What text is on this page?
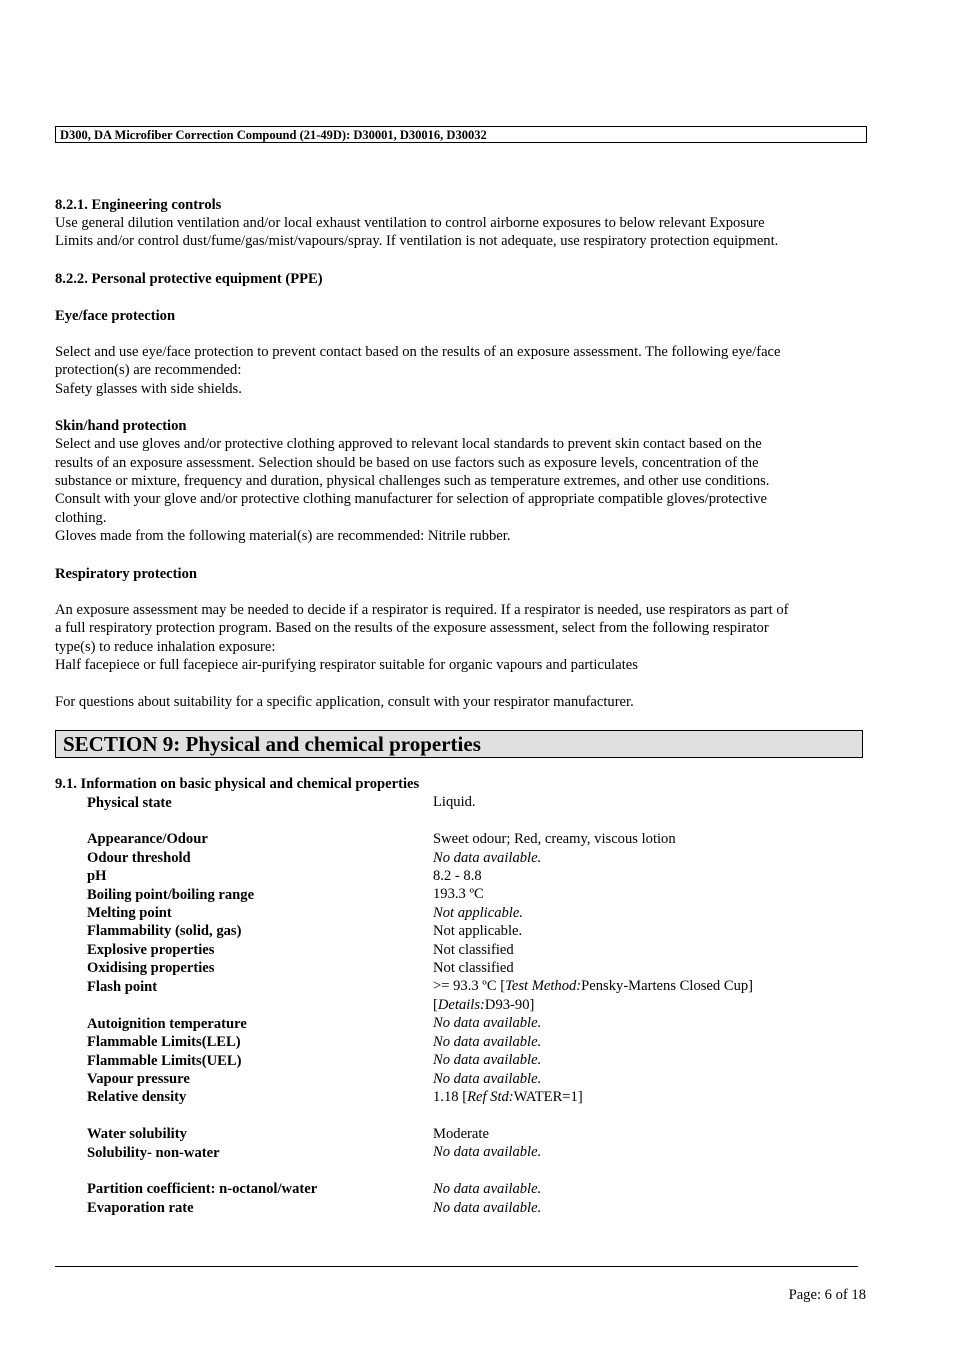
D300, DA Microfiber Correction Compound (21-49D): D30001, D30016, D30032
8.2.1. Engineering controls
Use general dilution ventilation and/or local exhaust ventilation to control airborne exposures to below relevant Exposure
Limits and/or control dust/fume/gas/mist/vapours/spray. If ventilation is not adequate, use respiratory protection equipment.
8.2.2. Personal protective equipment (PPE)
Eye/face protection
Select and use eye/face protection to prevent contact based on the results of an exposure assessment. The following eye/face
protection(s) are recommended:
Safety glasses with side shields.
Skin/hand protection
Select and use gloves and/or protective clothing approved to relevant local standards to prevent skin contact based on the
results of an exposure assessment. Selection should be based on use factors such as exposure levels, concentration of the
substance or mixture, frequency and duration, physical challenges such as temperature extremes, and other use conditions.
Consult with your glove and/or protective clothing manufacturer for selection of appropriate compatible gloves/protective
clothing.
Gloves made from the following material(s) are recommended: Nitrile rubber.
Respiratory protection
An exposure assessment may be needed to decide if a respirator is required. If a respirator is needed, use respirators as part of
a full respiratory protection program. Based on the results of the exposure assessment, select from the following respirator
type(s) to reduce inhalation exposure:
Half facepiece or full facepiece air-purifying respirator suitable for organic vapours and particulates
For questions about suitability for a specific application, consult with your respirator manufacturer.
SECTION 9: Physical and chemical properties
9.1. Information on basic physical and chemical properties
Physical state	Liquid.
Appearance/Odour	Sweet odour; Red, creamy, viscous lotion
Odour threshold	No data available.
pH	8.2 - 8.8
Boiling point/boiling range	193.3 ºC
Melting point	Not applicable.
Flammability (solid, gas)	Not applicable.
Explosive properties	Not classified
Oxidising properties	Not classified
Flash point	>= 93.3 ºC [Test Method:Pensky-Martens Closed Cup]
[Details:D93-90]
Autoignition temperature	No data available.
Flammable Limits(LEL)	No data available.
Flammable Limits(UEL)	No data available.
Vapour pressure	No data available.
Relative density	1.18 [Ref Std:WATER=1]
Water solubility	Moderate
Solubility- non-water	No data available.
Partition coefficient: n-octanol/water	No data available.
Evaporation rate	No data available.
Page: 6 of 18
